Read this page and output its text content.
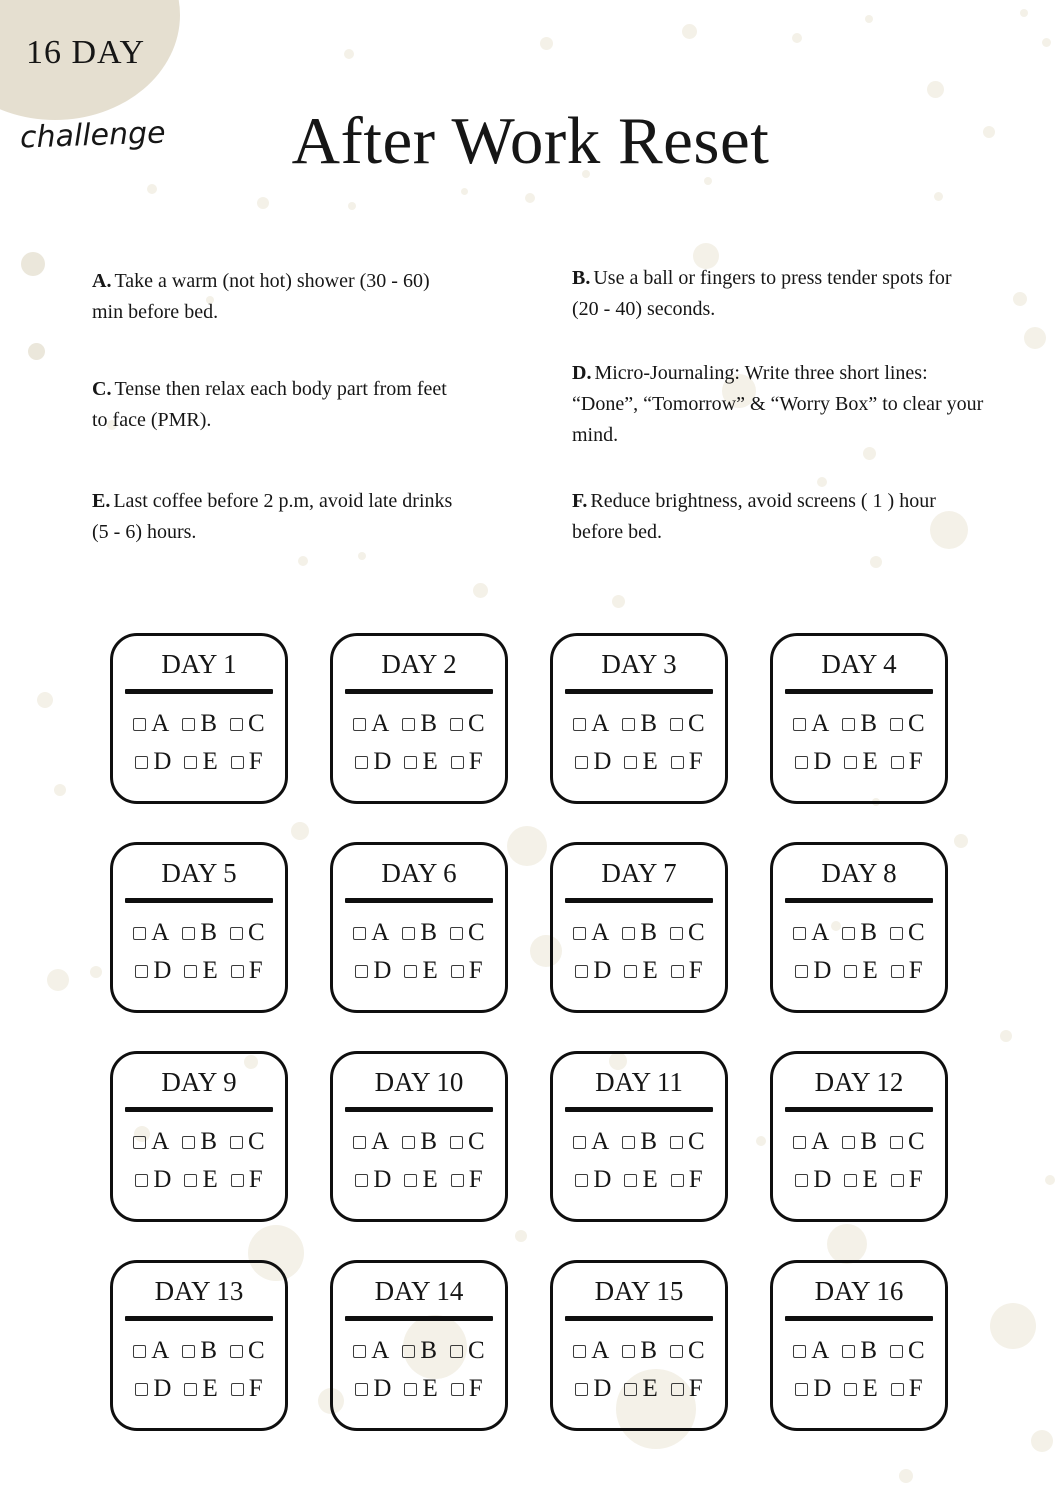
16 DAY
challenge	After Work Reset
A. Take a warm (not hot) shower (30 - 60) min before bed.
B. Use a ball or fingers to press tender spots for (20 - 40) seconds.
C. Tense then relax each body part from feet to face (PMR).
D. Micro-Journaling: Write three short lines: “Done”, “Tomorrow” & “Worry Box” to clear your mind.
E. Last coffee before 2 p.m, avoid late drinks (5 - 6) hours.
F. Reduce brightness, avoid screens ( 1 ) hour before bed.
DAY 1
A B C
D E F
DAY 2
A B C
D E F
DAY 3
A B C
D E F
DAY 4
A B C
D E F
DAY 5
A B C
D E F
DAY 6
A B C
D E F
DAY 7
A B C
D E F
DAY 8
A B C
D E F
DAY 9
A B C
D E F
DAY 10
A B C
D E F
DAY 11
A B C
D E F
DAY 12
A B C
D E F
DAY 13
A B C
D E F
DAY 14
A B C
D E F
DAY 15
A B C
D E F
DAY 16
A B C
D E F
